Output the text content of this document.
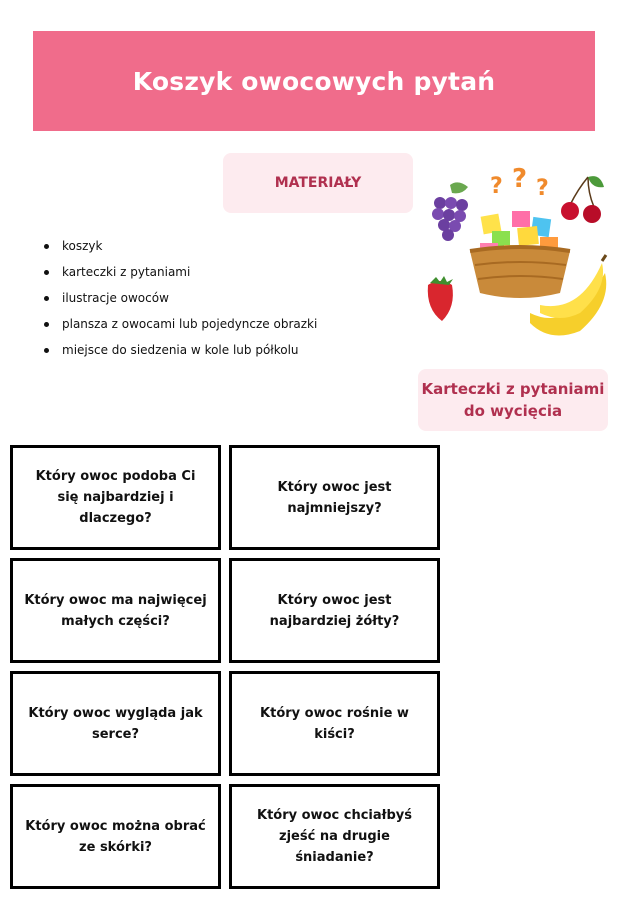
Koszyk owocowych pytań
MATERIAŁY
koszyk
karteczki z pytaniami
ilustracje owoców
plansza z owocami lub pojedyncze obrazki
miejsce do siedzenia w kole lub półkolu
? ? ?
Karteczki z pytaniami
do wycięcia
Który owoc podoba Ci się najbardziej i dlaczego?
Który owoc jest najmniejszy?
Który owoc ma najwięcej małych części?
Który owoc jest najbardziej żółty?
Który owoc wygląda jak serce?
Który owoc rośnie w kiści?
Który owoc można obrać ze skórki?
Który owoc chciałbyś zjeść na drugie śniadanie?
